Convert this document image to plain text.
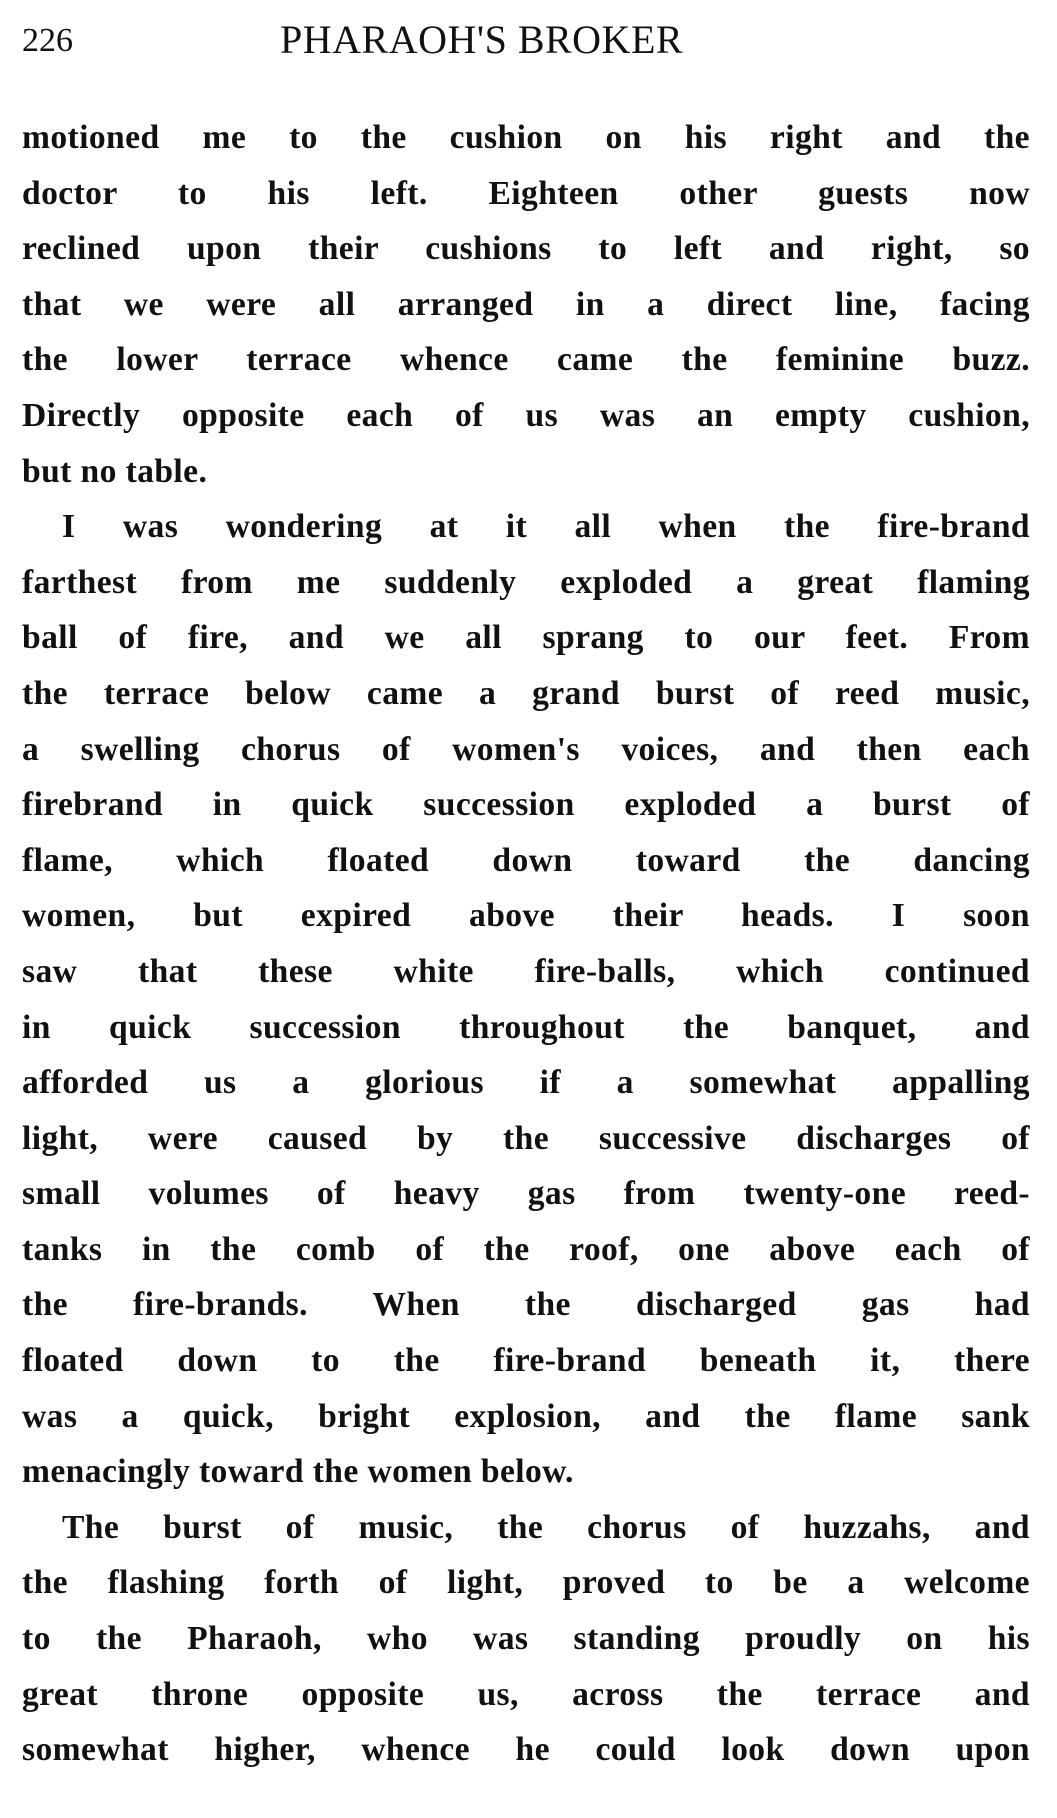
226	PHARAOH'S BROKER
motioned me to the cushion on his right and the
doctor to his left. Eighteen other guests now
reclined upon their cushions to left and right, so
that we were all arranged in a direct line, facing
the lower terrace whence came the feminine buzz.
Directly opposite each of us was an empty cushion,
but no table.
I was wondering at it all when the fire-brand
farthest from me suddenly exploded a great flaming
ball of fire, and we all sprang to our feet. From
the terrace below came a grand burst of reed music,
a swelling chorus of women's voices, and then each
firebrand in quick succession exploded a burst of
flame, which floated down toward the dancing
women, but expired above their heads. I soon
saw that these white fire-balls, which continued
in quick succession throughout the banquet, and
afforded us a glorious if a somewhat appalling
light, were caused by the successive discharges of
small volumes of heavy gas from twenty-one reed-
tanks in the comb of the roof, one above each of
the fire-brands. When the discharged gas had
floated down to the fire-brand beneath it, there
was a quick, bright explosion, and the flame sank
menacingly toward the women below.
The burst of music, the chorus of huzzahs, and
the flashing forth of light, proved to be a welcome
to the Pharaoh, who was standing proudly on his
great throne opposite us, across the terrace and
somewhat higher, whence he could look down upon
